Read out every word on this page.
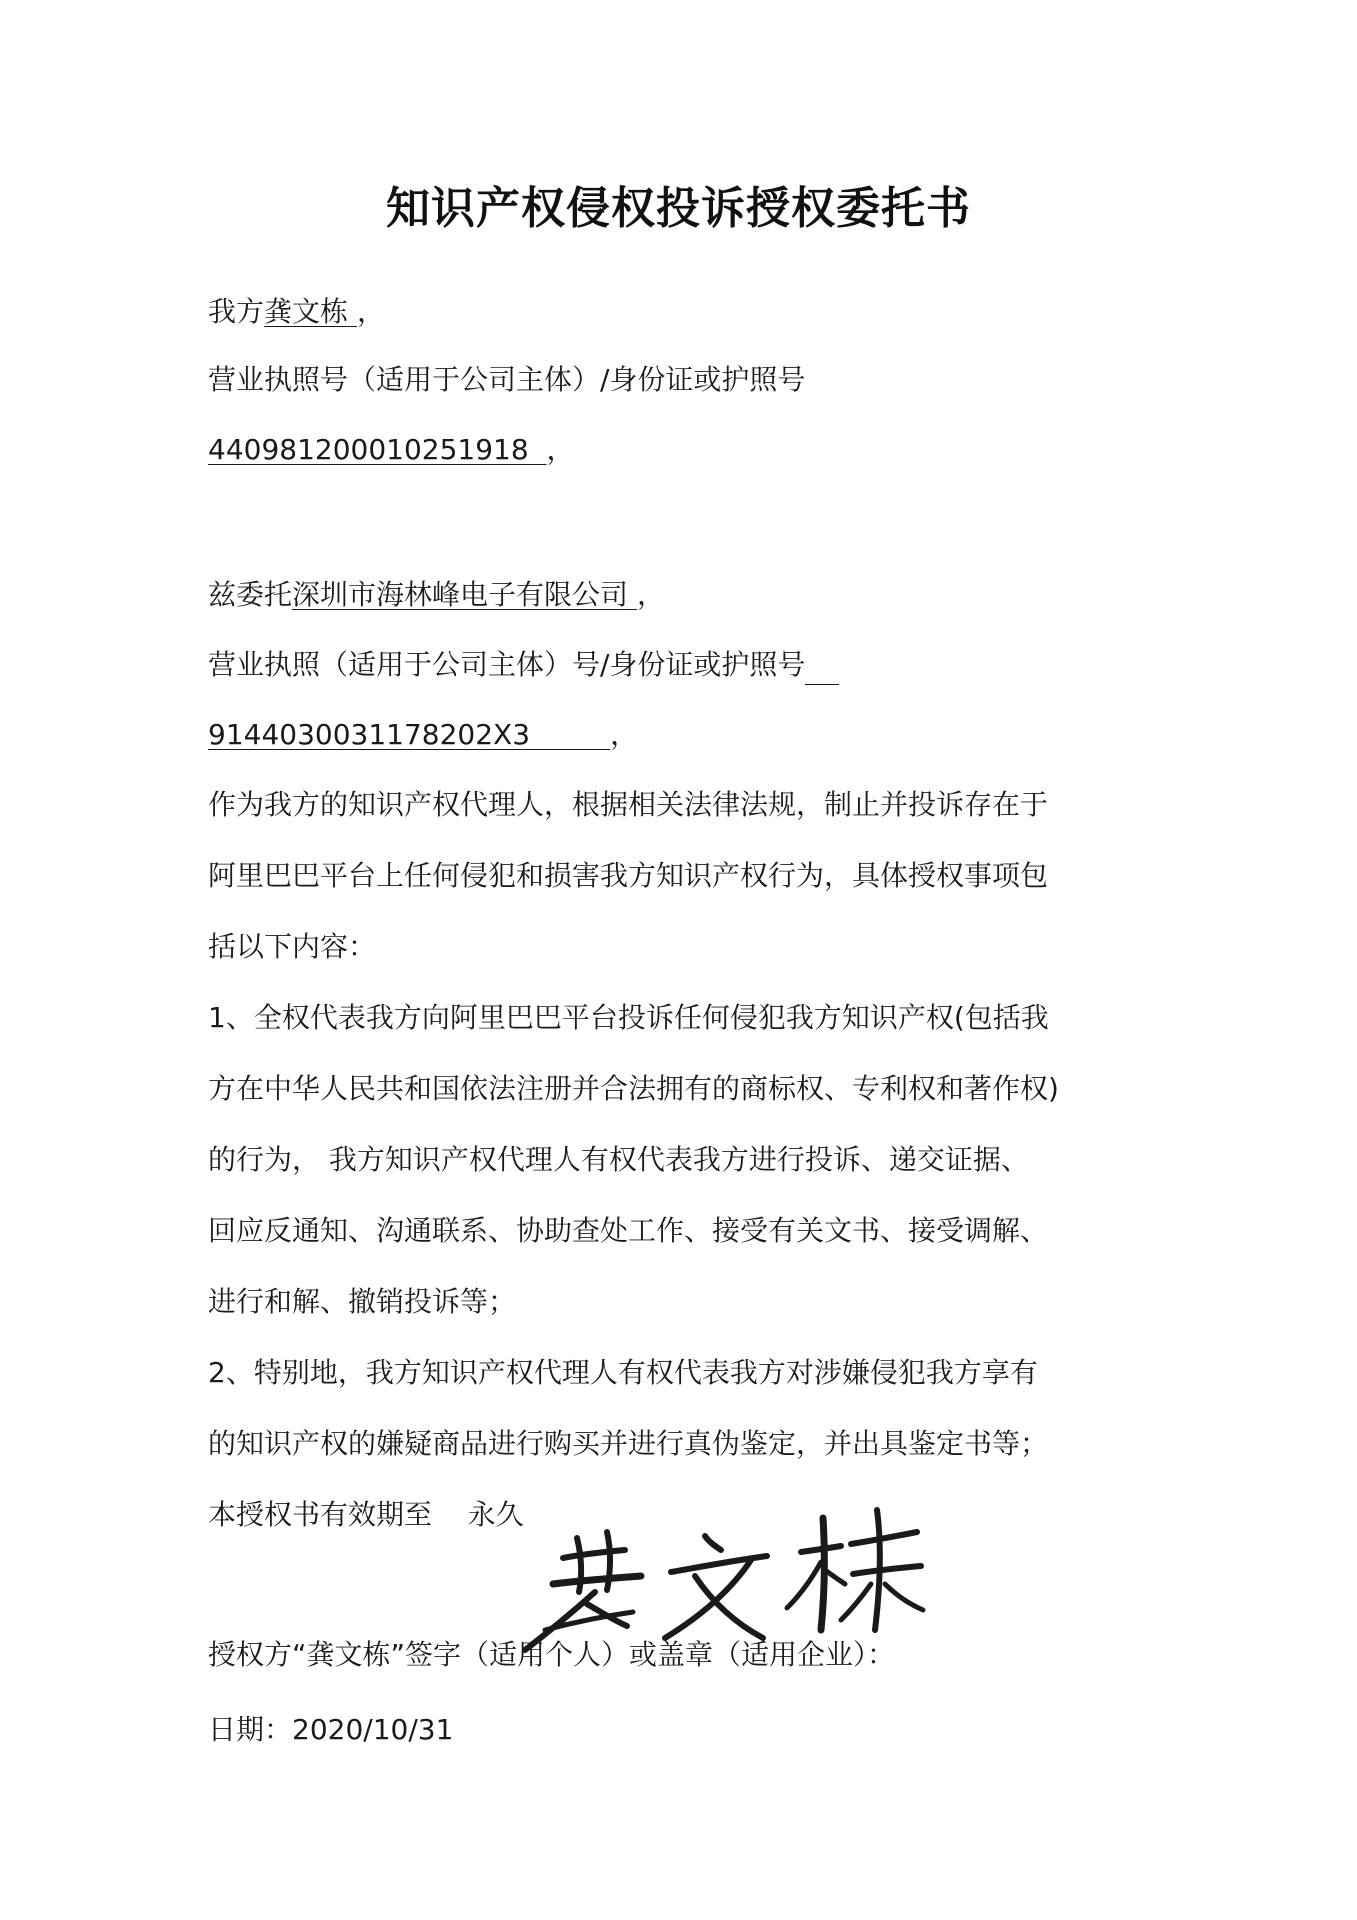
知识产权侵权投诉授权委托书
我方龚文栋 ，
营业执照号（适用于公司主体）/身份证或护照号
440981200010251918 ，
兹委托深圳市海林峰电子有限公司 ，
营业执照（适用于公司主体）号/身份证或护照号
9144030031178202X3	，
作为我方的知识产权代理人，根据相关法律法规，制止并投诉存在于
阿里巴巴平台上任何侵犯和损害我方知识产权行为，具体授权事项包
括以下内容：
1、全权代表我方向阿里巴巴平台投诉任何侵犯我方知识产权(包括我
方在中华人民共和国依法注册并合法拥有的商标权、专利权和著作权)
的行为， 我方知识产权代理人有权代表我方进行投诉、递交证据、
回应反通知、沟通联系、协助查处工作、接受有关文书、接受调解、
进行和解、撤销投诉等；
2、特别地，我方知识产权代理人有权代表我方对涉嫌侵犯我方享有
的知识产权的嫌疑商品进行购买并进行真伪鉴定，并出具鉴定书等；
本授权书有效期至 永久
授权方“龚文栋”签字（适用个人）或盖章（适用企业）：
日期：2020/10/31
